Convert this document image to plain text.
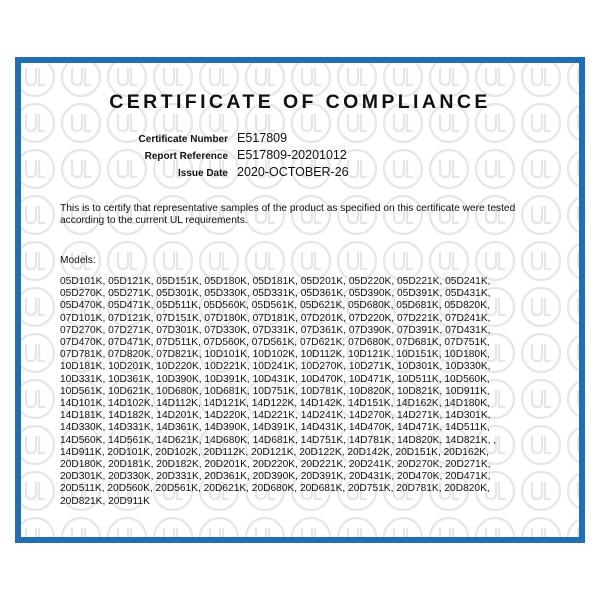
CERTIFICATE OF COMPLIANCE
Certificate Number E517809
Report Reference E517809-20201012
Issue Date 2020-OCTOBER-26
This is to certify that representative samples of the product as specified on this certificate were tested according to the current UL requirements.
Models:
05D101K, 05D121K, 05D151K, 05D180K, 05D181K, 05D201K, 05D220K, 05D221K, 05D241K,
05D270K, 05D271K, 05D301K, 05D330K, 05D331K, 05D361K, 05D390K, 05D391K, 05D431K,
05D470K, 05D471K, 05D511K, 05D560K, 05D561K, 05D621K, 05D680K, 05D681K, 05D820K,
07D101K, 07D121K, 07D151K, 07D180K, 07D181K, 07D201K, 07D220K, 07D221K, 07D241K,
07D270K, 07D271K, 07D301K, 07D330K, 07D331K, 07D361K, 07D390K, 07D391K, 07D431K,
07D470K, 07D471K, 07D511K, 07D560K, 07D561K, 07D621K, 07D680K, 07D681K, 07D751K,
07D781K, 07D820K, 07D821K, 10D101K, 10D102K, 10D112K, 10D121K, 10D151K, 10D180K,
10D181K, 10D201K, 10D220K, 10D221K, 10D241K, 10D270K, 10D271K, 10D301K, 10D330K,
10D331K, 10D361K, 10D390K, 10D391K, 10D431K, 10D470K, 10D471K, 10D511K, 10D560K,
10D561K, 10D621K, 10D680K, 10D681K, 10D751K, 10D781K, 10D820K, 10D821K, 10D911K,
14D101K, 14D102K, 14D112K, 14D121K, 14D122K, 14D142K, 14D151K, 14D162K, 14D180K,
14D181K, 14D182K, 14D201K, 14D220K, 14D221K, 14D241K, 14D270K, 14D271K, 14D301K,
14D330K, 14D331K, 14D361K, 14D390K, 14D391K, 14D431K, 14D470K, 14D471K, 14D511K,
14D560K, 14D561K, 14D621K, 14D680K, 14D681K, 14D751K, 14D781K, 14D820K, 14D821K, ,
14D911K, 20D101K, 20D102K, 20D112K, 20D121K, 20D122K, 20D142K, 20D151K, 20D162K,
20D180K, 20D181K, 20D182K, 20D201K, 20D220K, 20D221K, 20D241K, 20D270K, 20D271K,
20D301K, 20D330K, 20D331K, 20D361K, 20D390K, 20D391K, 20D431K, 20D470K, 20D471K,
20D511K, 20D560K, 20D561K, 20D621K, 20D680K, 20D681K, 20D751K, 20D781K, 20D820K,
20D821K, 20D911K
